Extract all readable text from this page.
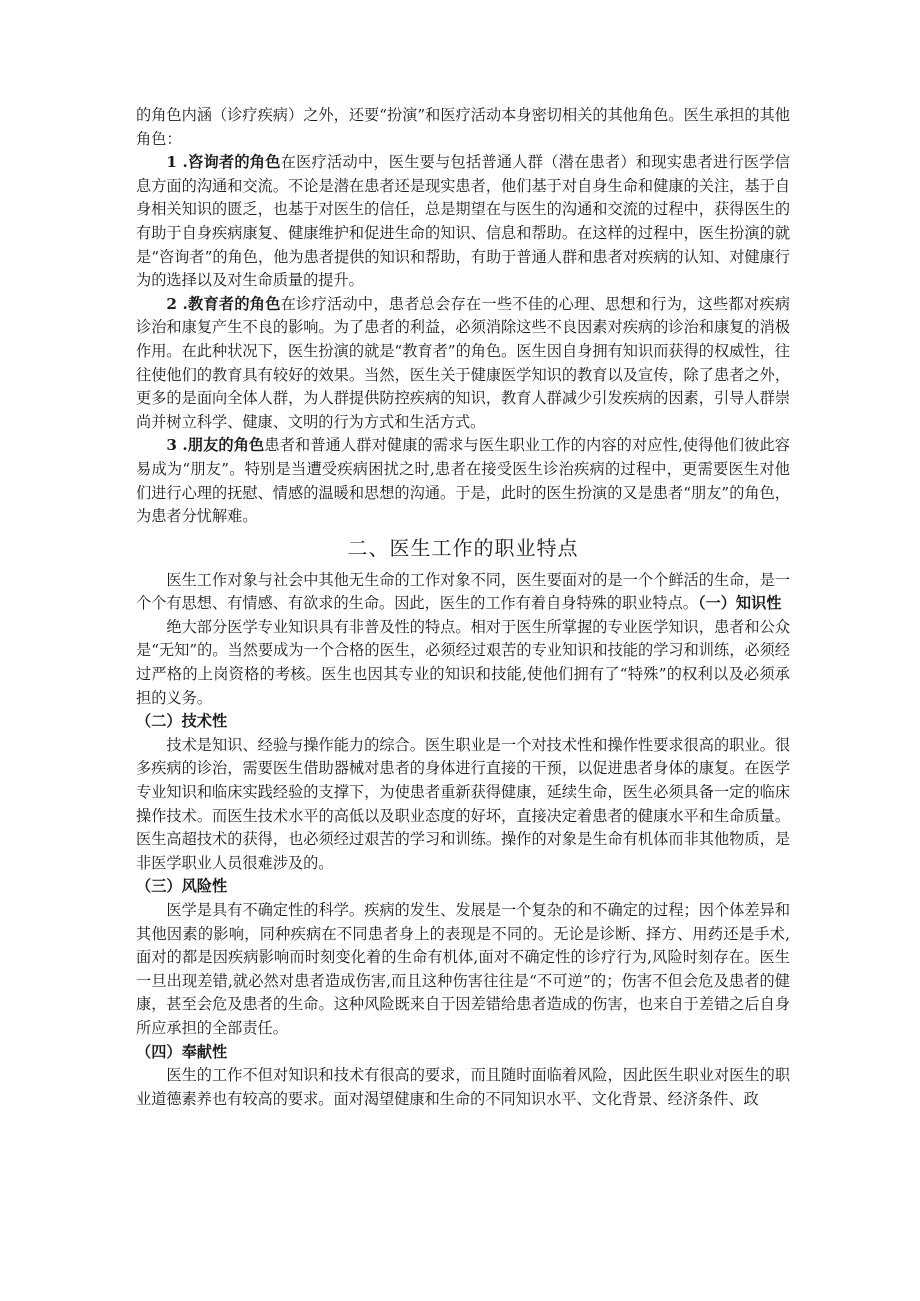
的角色内涵（诊疗疾病）之外，还要“扮演”和医疗活动本身密切相关的其他角色。医生承担的其他角色：

1 .咨询者的角色在医疗活动中，医生要与包括普通人群（潜在患者）和现实患者进行医学信息方面的沟通和交流。不论是潜在患者还是现实患者，他们基于对自身生命和健康的关注，基于自身相关知识的匮乏，也基于对医生的信任，总是期望在与医生的沟通和交流的过程中，获得医生的有助于自身疾病康复、健康维护和促进生命的知识、信息和帮助。在这样的过程中，医生扮演的就是“咨询者”的角色，他为患者提供的知识和帮助，有助于普通人群和患者对疾病的认知、对健康行为的选择以及对生命质量的提升。

2 .教育者的角色在诊疗活动中，患者总会存在一些不佳的心理、思想和行为，这些都对疾病诊治和康复产生不良的影响。为了患者的利益，必须消除这些不良因素对疾病的诊治和康复的消极作用。在此种状况下，医生扮演的就是“教育者”的角色。医生因自身拥有知识而获得的权威性，往往使他们的教育具有较好的效果。当然，医生关于健康医学知识的教育以及宣传，除了患者之外，更多的是面向全体人群，为人群提供防控疾病的知识，教育人群减少引发疾病的因素，引导人群崇尚并树立科学、健康、文明的行为方式和生活方式。

3 .朋友的角色患者和普通人群对健康的需求与医生职业工作的内容的对应性,使得他们彼此容易成为“朋友”。特别是当遭受疾病困扰之时,患者在接受医生诊治疾病的过程中，更需要医生对他们进行心理的抚慰、情感的温暖和思想的沟通。于是，此时的医生扮演的又是患者“朋友”的角色，为患者分忧解难。

二、医生工作的职业特点

医生工作对象与社会中其他无生命的工作对象不同，医生要面对的是一个个鲜活的生命，是一个个有思想、有情感、有欲求的生命。因此，医生的工作有着自身特殊的职业特点。（一）知识性

绝大部分医学专业知识具有非普及性的特点。相对于医生所掌握的专业医学知识，患者和公众是“无知”的。当然要成为一个合格的医生，必须经过艰苦的专业知识和技能的学习和训练，必须经过严格的上岗资格的考核。医生也因其专业的知识和技能,使他们拥有了“特殊”的权利以及必须承担的义务。

（二）技术性

技术是知识、经验与操作能力的综合。医生职业是一个对技术性和操作性要求很高的职业。很多疾病的诊治，需要医生借助器械对患者的身体进行直接的干预，以促进患者身体的康复。在医学专业知识和临床实践经验的支撑下，为使患者重新获得健康，延续生命，医生必须具备一定的临床操作技术。而医生技术水平的高低以及职业态度的好坏，直接决定着患者的健康水平和生命质量。医生高超技术的获得，也必须经过艰苦的学习和训练。操作的对象是生命有机体而非其他物质，是非医学职业人员很难涉及的。

（三）风险性

医学是具有不确定性的科学。疾病的发生、发展是一个复杂的和不确定的过程；因个体差异和其他因素的影响，同种疾病在不同患者身上的表现是不同的。无论是诊断、择方、用药还是手术,面对的都是因疾病影响而时刻变化着的生命有机体,面对不确定性的诊疗行为,风险时刻存在。医生一旦出现差错,就必然对患者造成伤害,而且这种伤害往往是“不可逆”的；伤害不但会危及患者的健康，甚至会危及患者的生命。这种风险既来自于因差错给患者造成的伤害，也来自于差错之后自身所应承担的全部责任。

（四）奉献性

医生的工作不但对知识和技术有很高的要求，而且随时面临着风险，因此医生职业对医生的职业道德素养也有较高的要求。面对渴望健康和生命的不同知识水平、文化背景、经济条件、政
